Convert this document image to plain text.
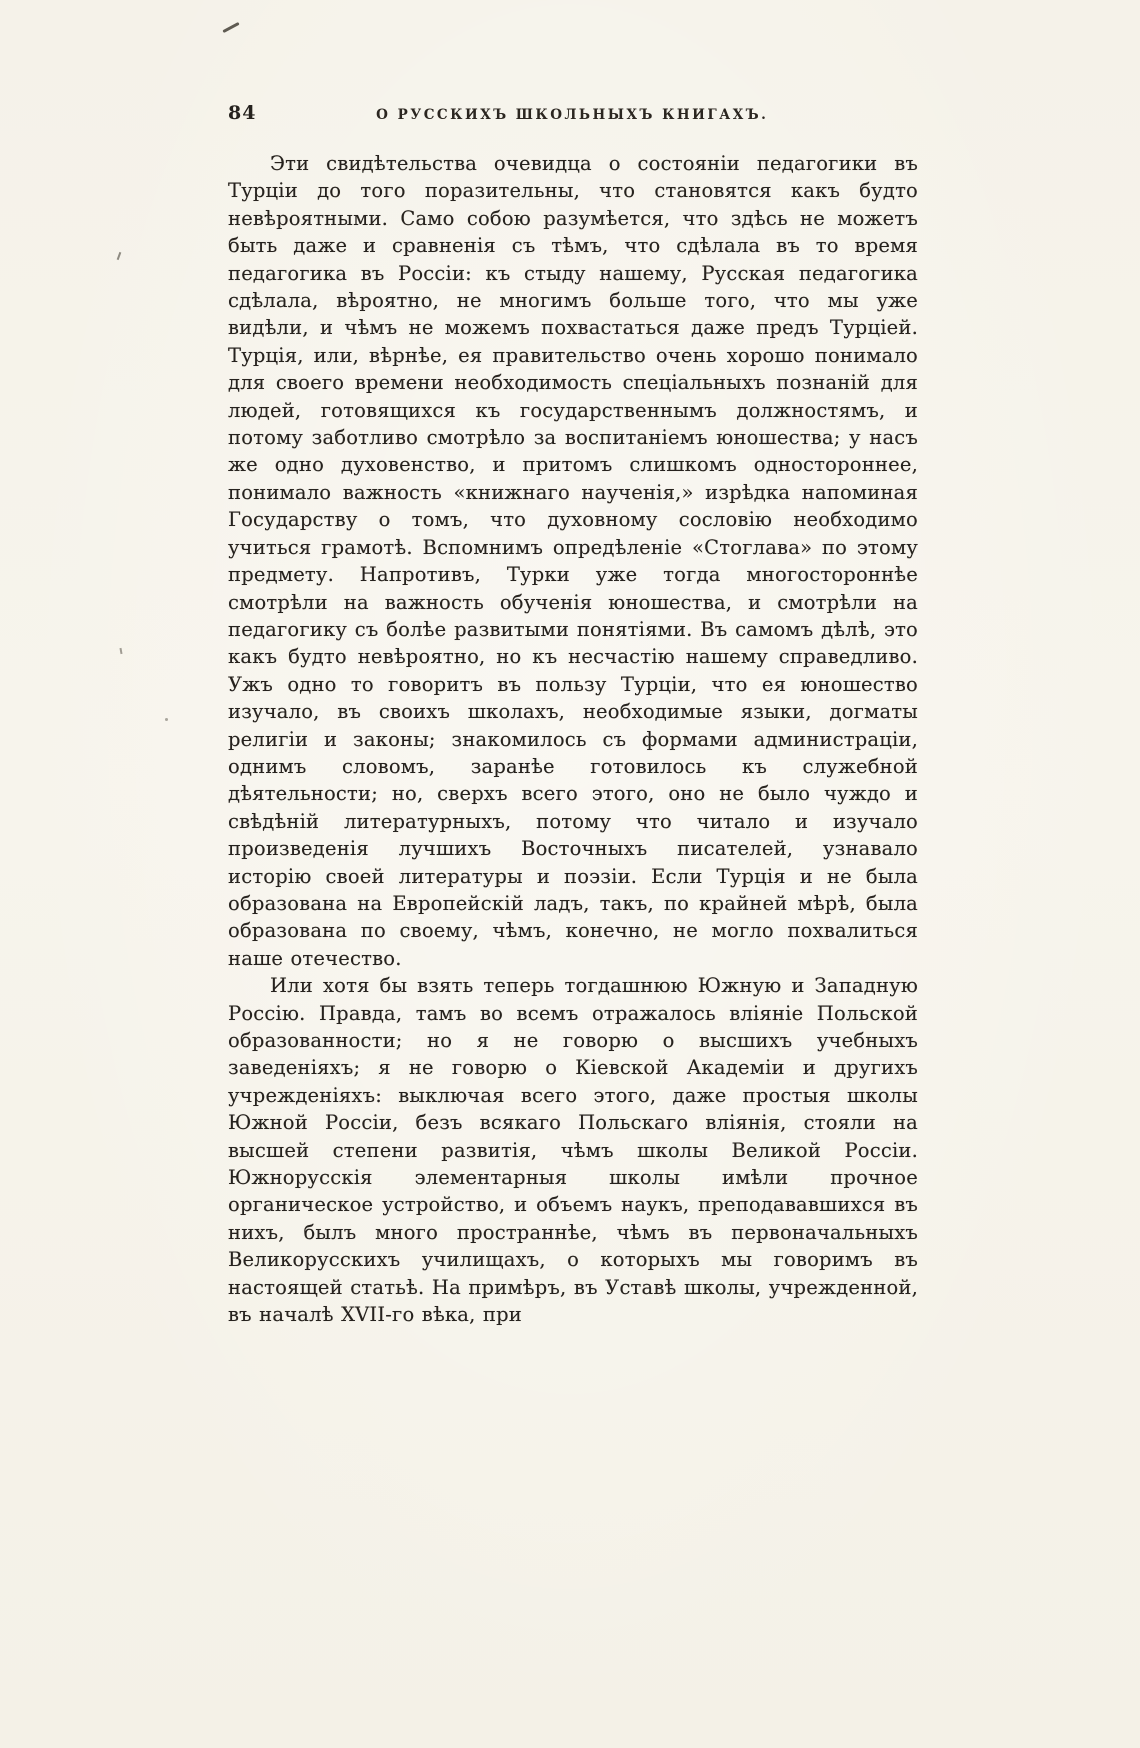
84	О РУССКИХЪ ШКОЛЬНЫХЪ КНИГАХЪ.

Эти свидѣтельства очевидца о состояніи педагогики въ Турціи до того поразительны, что становятся какъ будто невѣроятными. Само собою разумѣется, что здѣсь не можетъ быть даже и сравненія съ тѣмъ, что сдѣлала въ то время педагогика въ Россіи: къ стыду нашему, Русская педагогика сдѣлала, вѣроятно, не многимъ больше того, что мы уже видѣли, и чѣмъ не можемъ похвастаться даже предъ Турціей. Турція, или, вѣрнѣе, ея правительство очень хорошо понимало для своего времени необходимость спеціальныхъ познаній для людей, готовящихся къ государственнымъ должностямъ, и потому заботливо смотрѣло за воспитаніемъ юношества; у насъ же одно духовенство, и притомъ слишкомъ одностороннее, понимало важность «книжнаго наученія,» изрѣдка напоминая Государству о томъ, что духовному сословію необходимо учиться грамотѣ. Вспомнимъ опредѣленіе «Стоглава» по этому предмету. Напротивъ, Турки уже тогда многостороннѣе смотрѣли на важность обученія юношества, и смотрѣли на педагогику съ болѣе развитыми понятіями. Въ самомъ дѣлѣ, это какъ будто невѣроятно, но къ несчастію нашему справедливо. Ужъ одно то говоритъ въ пользу Турціи, что ея юношество изучало, въ своихъ школахъ, необходимые языки, догматы религіи и законы; знакомилось съ формами администраціи, однимъ словомъ, заранѣе готовилось къ служебной дѣятельности; но, сверхъ всего этого, оно не было чуждо и свѣдѣній литературныхъ, потому что читало и изучало произведенія лучшихъ Восточныхъ писателей, узнавало исторію своей литературы и поэзіи. Если Турція и не была образована на Европейскій ладъ, такъ, по крайней мѣрѣ, была образована по своему, чѣмъ, конечно, не могло похвалиться наше отечество.

Или хотя бы взять теперь тогдашнюю Южную и Западную Россію. Правда, тамъ во всемъ отражалось вліяніе Польской образованности; но я не говорю о высшихъ учебныхъ заведеніяхъ; я не говорю о Кіевской Академіи и другихъ учрежденіяхъ: выключая всего этого, даже простыя школы Южной Россіи, безъ всякаго Польскаго вліянія, стояли на высшей степени развитія, чѣмъ школы Великой Россіи. Южнорусскія элементарныя школы имѣли прочное органическое устройство, и объемъ наукъ, преподававшихся въ нихъ, былъ много пространнѣе, чѣмъ въ первоначальныхъ Великорусскихъ училищахъ, о которыхъ мы говоримъ въ настоящей статьѣ. На примѣръ, въ Уставѣ школы, учрежденной, въ началѣ XVII-го вѣка, при
